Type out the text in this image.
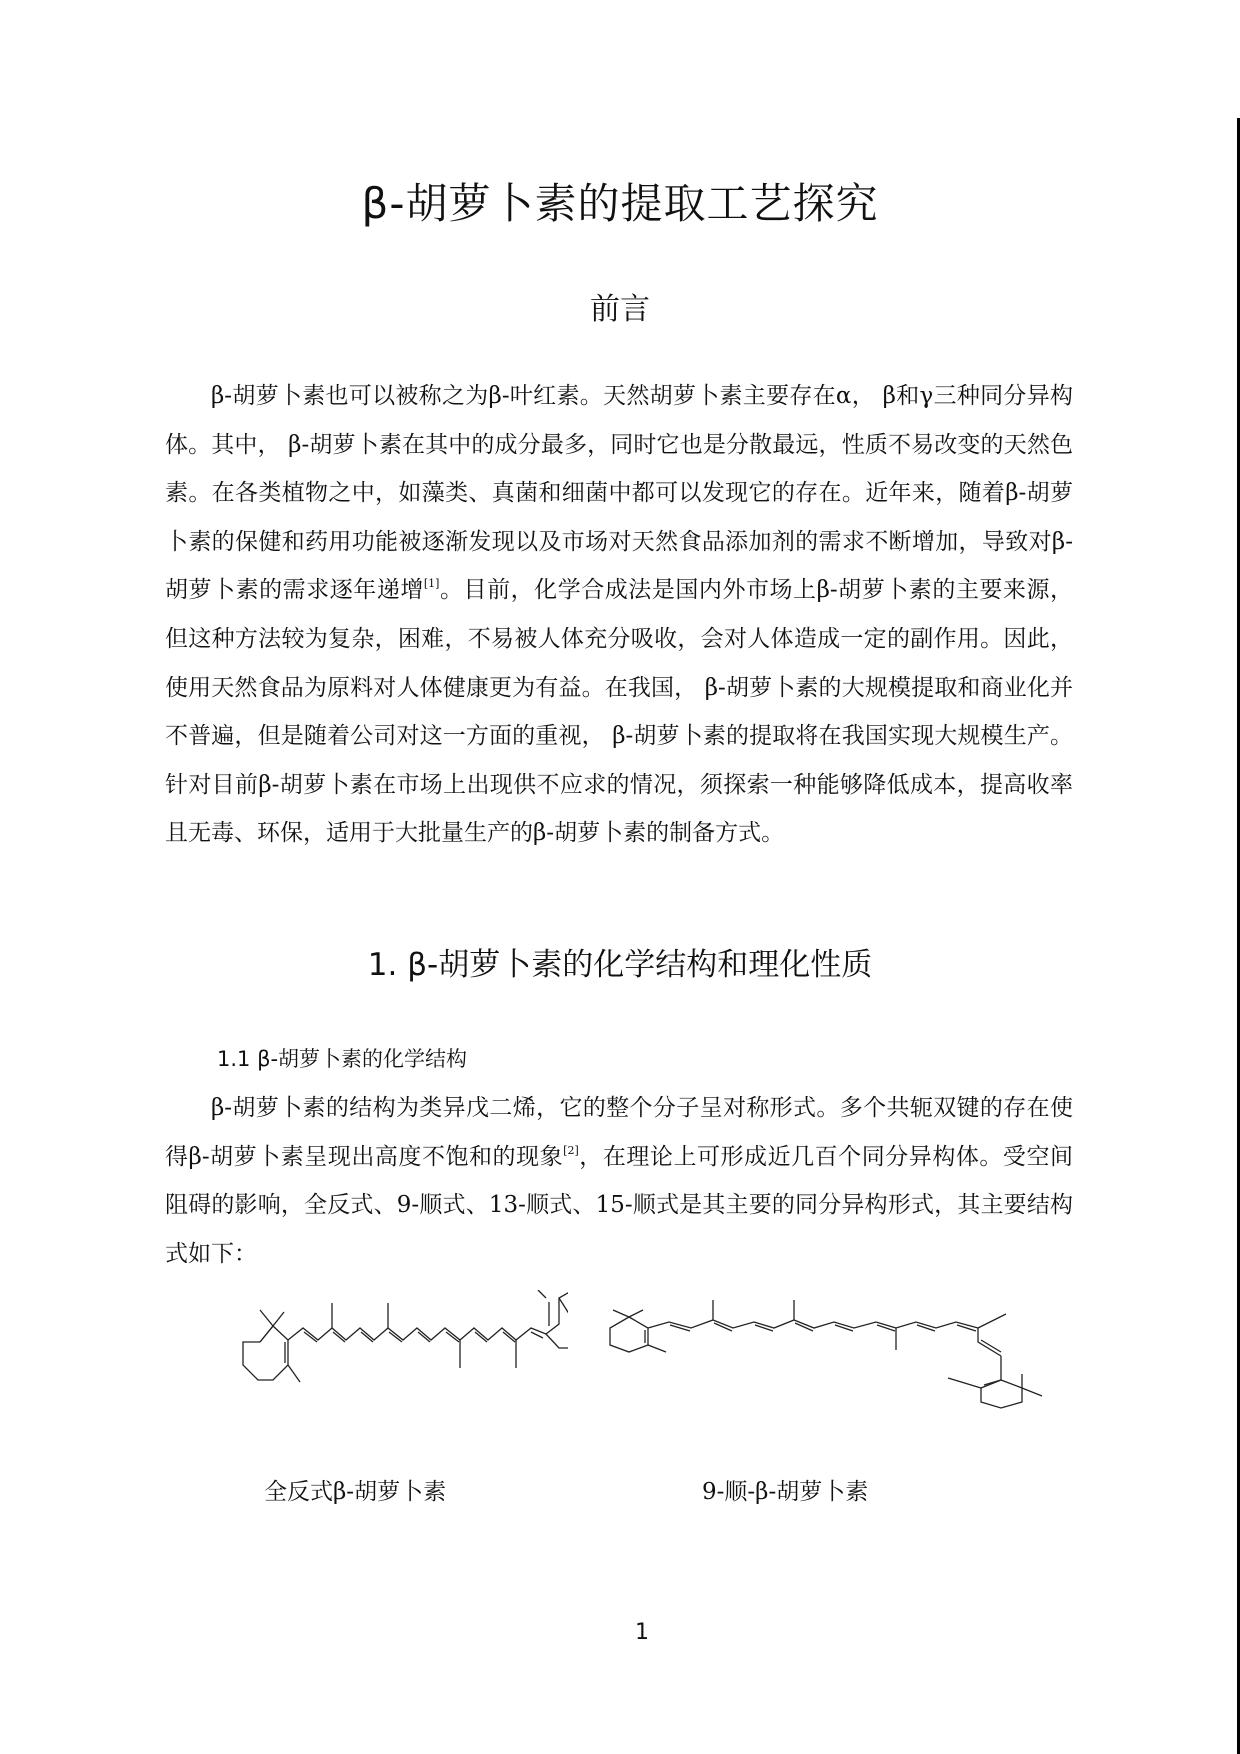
β-胡萝卜素的提取工艺探究
前言

β-胡萝卜素也可以被称之为β-叶红素。天然胡萝卜素主要存在α， β和γ三种同分异构体。其中， β-胡萝卜素在其中的成分最多，同时它也是分散最远，性质不易改变的天然色素。在各类植物之中，如藻类、真菌和细菌中都可以发现它的存在。近年来，随着β-胡萝卜素的保健和药用功能被逐渐发现以及市场对天然食品添加剂的需求不断增加，导致对β-胡萝卜素的需求逐年递增[1]。目前，化学合成法是国内外市场上β-胡萝卜素的主要来源，但这种方法较为复杂，困难，不易被人体充分吸收，会对人体造成一定的副作用。因此，使用天然食品为原料对人体健康更为有益。在我国， β-胡萝卜素的大规模提取和商业化并不普遍，但是随着公司对这一方面的重视， β-胡萝卜素的提取将在我国实现大规模生产。针对目前β-胡萝卜素在市场上出现供不应求的情况，须探索一种能够降低成本，提高收率且无毒、环保，适用于大批量生产的β-胡萝卜素的制备方式。

1. β-胡萝卜素的化学结构和理化性质
1.1 β-胡萝卜素的化学结构

β-胡萝卜素的结构为类异戊二烯，它的整个分子呈对称形式。多个共轭双键的存在使得β-胡萝卜素呈现出高度不饱和的现象[2]，在理论上可形成近几百个同分异构体。受空间阻碍的影响，全反式、9-顺式、13-顺式、15-顺式是其主要的同分异构形式，其主要结构式如下：

全反式β-胡萝卜素	9-顺-β-胡萝卜素
1
